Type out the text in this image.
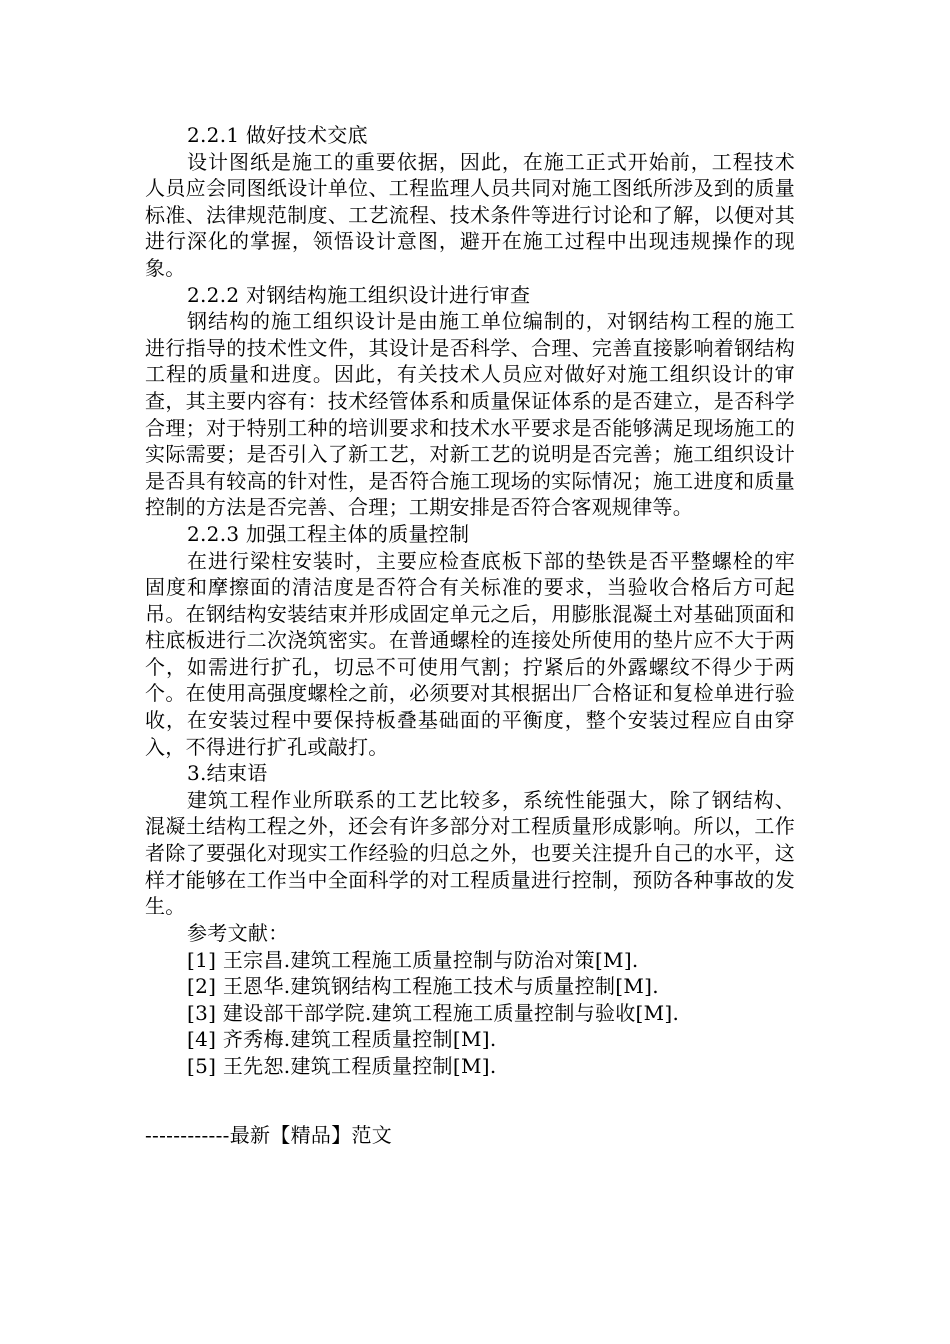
2.2.1 做好技术交底

设计图纸是施工的重要依据，因此，在施工正式开始前，工程技术人员应会同图纸设计单位、工程监理人员共同对施工图纸所涉及到的质量标准、法律规范制度、工艺流程、技术条件等进行讨论和了解，以便对其进行深化的掌握，领悟设计意图，避开在施工过程中出现违规操作的现象。

2.2.2 对钢结构施工组织设计进行审查

钢结构的施工组织设计是由施工单位编制的，对钢结构工程的施工进行指导的技术性文件，其设计是否科学、合理、完善直接影响着钢结构工程的质量和进度。因此，有关技术人员应对做好对施工组织设计的审查，其主要内容有：技术经管体系和质量保证体系的是否建立，是否科学合理；对于特别工种的培训要求和技术水平要求是否能够满足现场施工的实际需要；是否引入了新工艺，对新工艺的说明是否完善；施工组织设计是否具有较高的针对性，是否符合施工现场的实际情况；施工进度和质量控制的方法是否完善、合理；工期安排是否符合客观规律等。

2.2.3 加强工程主体的质量控制

在进行梁柱安装时，主要应检查底板下部的垫铁是否平整螺栓的牢固度和摩擦面的清洁度是否符合有关标准的要求，当验收合格后方可起吊。在钢结构安装结束并形成固定单元之后，用膨胀混凝土对基础顶面和柱底板进行二次浇筑密实。在普通螺栓的连接处所使用的垫片应不大于两个，如需进行扩孔，切忌不可使用气割；拧紧后的外露螺纹不得少于两个。在使用高强度螺栓之前，必须要对其根据出厂合格证和复检单进行验收，在安装过程中要保持板叠基础面的平衡度，整个安装过程应自由穿入，不得进行扩孔或敲打。

3.结束语

建筑工程作业所联系的工艺比较多，系统性能强大，除了钢结构、混凝土结构工程之外，还会有许多部分对工程质量形成影响。所以，工作者除了要强化对现实工作经验的归总之外，也要关注提升自己的水平，这样才能够在工作当中全面科学的对工程质量进行控制，预防各种事故的发生。

参考文献：

[1] 王宗昌.建筑工程施工质量控制与防治对策[M].

[2] 王恩华.建筑钢结构工程施工技术与质量控制[M].

[3] 建设部干部学院.建筑工程施工质量控制与验收[M].

[4] 齐秀梅.建筑工程质量控制[M].

[5] 王先恕.建筑工程质量控制[M].

------------最新【精品】范文
